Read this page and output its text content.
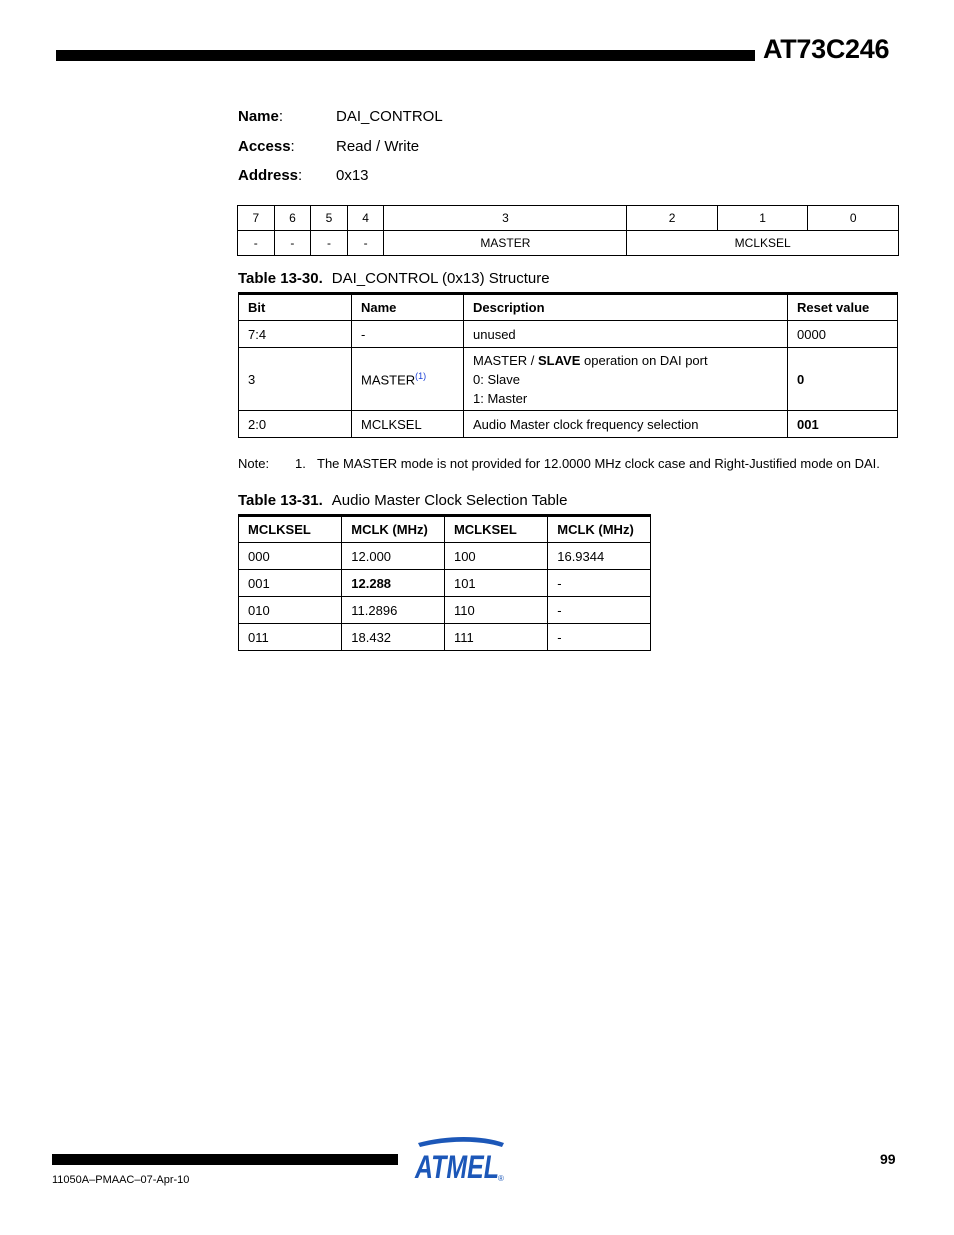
AT73C246
Name:	DAI_CONTROL
Access:	Read / Write
Address: 0x13
7	6	5	4	3	2	1	0
-	-	-	-	MASTER	MCLKSEL		
Table 13-30. DAI_CONTROL (0x13) Structure
Bit	Name	Description	Reset value
7:4	-	unused	0000
3	MASTER$^{(1)}$	MASTER / SLAVE operation on DAI port
0: Slave
1: Master	0
2:0	MCLKSEL	Audio Master clock frequency selection	001
Note: 1. The MASTER mode is not provided for 12.0000 MHz clock case and Right-Justified mode on DAI.
Table 13-31. Audio Master Clock Selection Table
MCLKSEL	MCLK (MHz)	MCLKSEL	MCLK (MHz)
000	12.000	100	16.9344
001	12.288	101	-
010	11.2896	110	-
011	18.432	111	-
ATMEL ®
99
11050A–PMAAC–07-Apr-10
